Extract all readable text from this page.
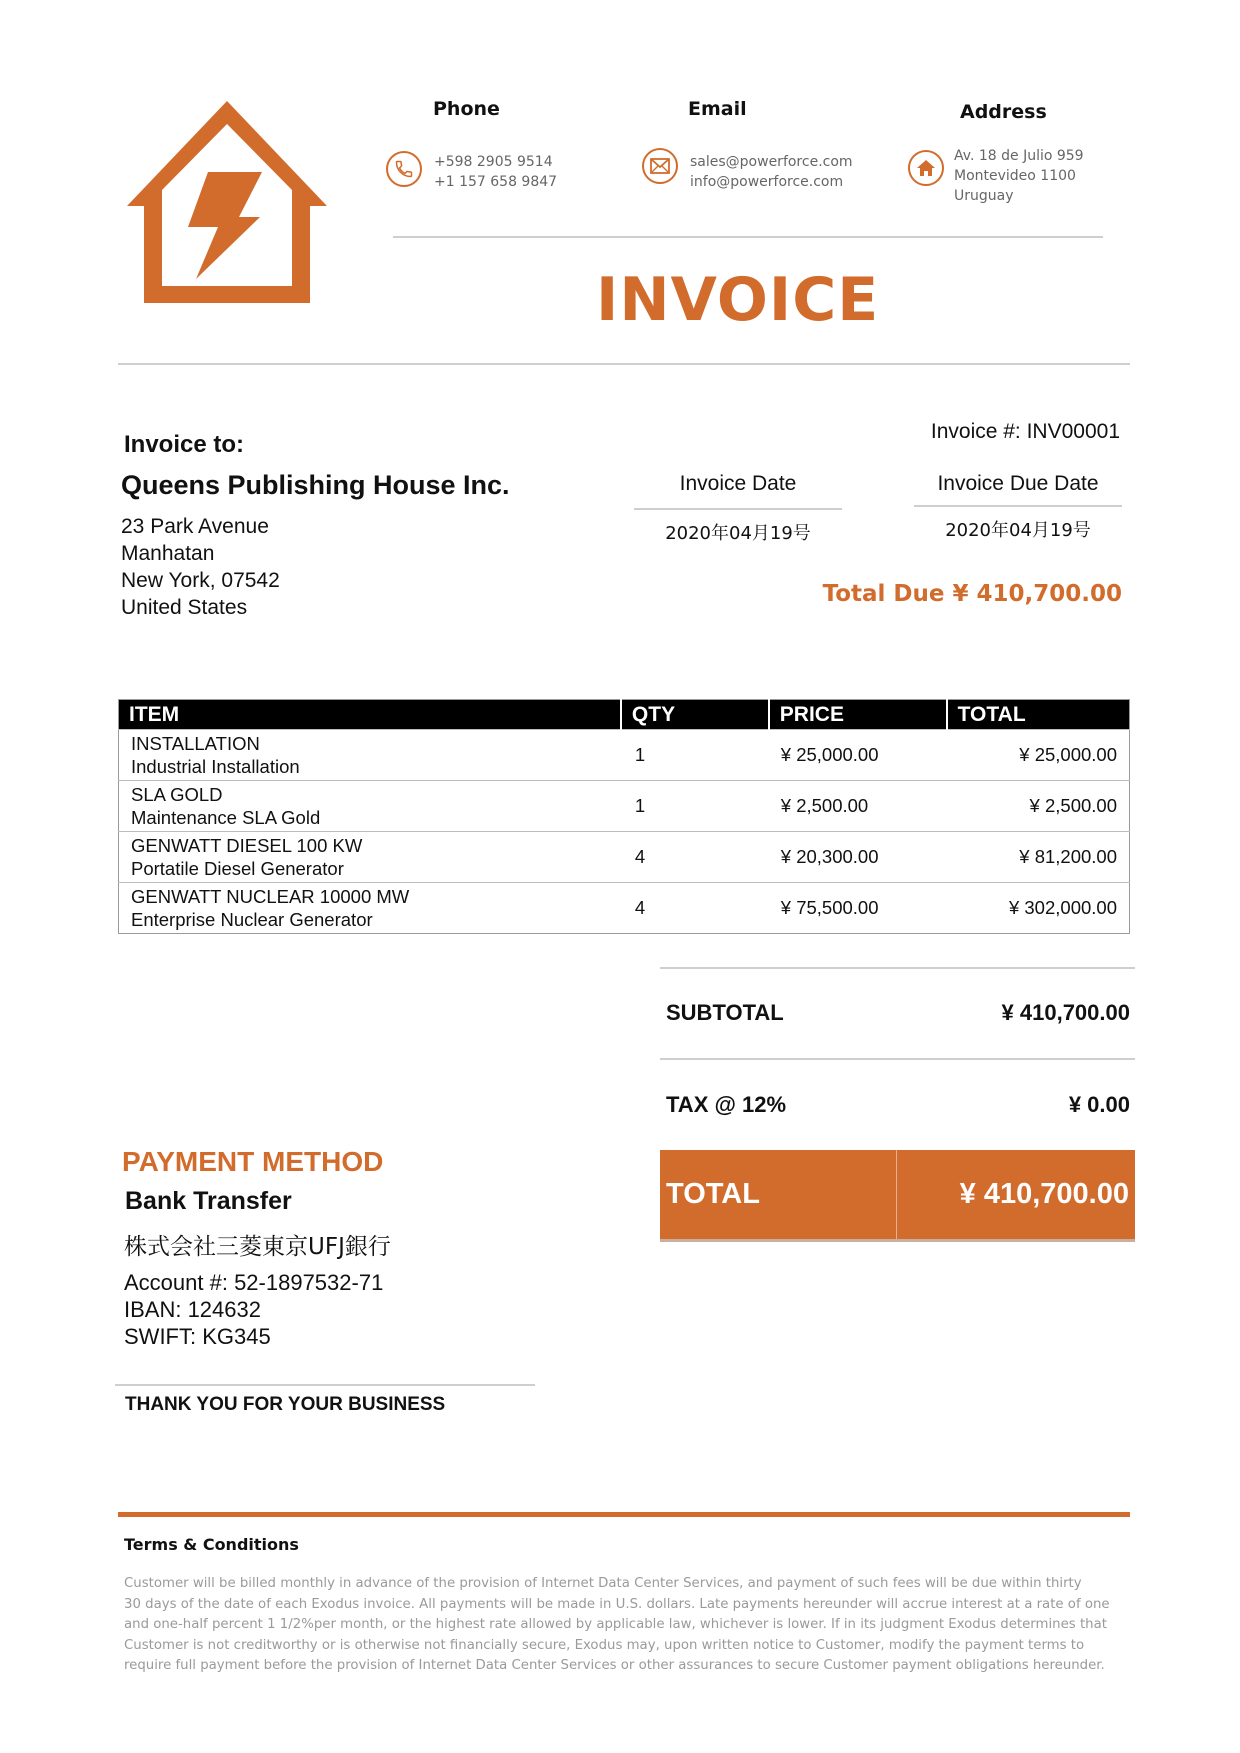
Phone
+598 2905 9514
+1 157 658 9847
Email
sales@powerforce.com
info@powerforce.com
Address
Av. 18 de Julio 959
Montevideo 1100
Uruguay
INVOICE
Invoice to:
Queens Publishing House Inc.
23 Park Avenue
Manhatan
New York, 07542
United States
Invoice #: INV00001
Invoice Date
2020年04月19号
Invoice Due Date
2020年04月19号
Total Due ¥ 410,700.00
ITEM	QTY	PRICE	TOTAL

INSTALLATION
Industrial Installation	1	¥ 25,000.00	¥ 25,000.00

SLA GOLD
Maintenance SLA Gold	1	¥ 2,500.00	¥ 2,500.00

GENWATT DIESEL 100 KW
Portatile Diesel Generator	4	¥ 20,300.00	¥ 81,200.00

GENWATT NUCLEAR 10000 MW
Enterprise Nuclear Generator	4	¥ 75,500.00	¥ 302,000.00
SUBTOTAL	¥ 410,700.00
TAX @ 12%	¥ 0.00
TOTAL	¥ 410,700.00
PAYMENT METHOD
Bank Transfer
株式会社三菱東京UFJ銀行
Account #: 52-1897532-71
IBAN: 124632
SWIFT: KG345
THANK YOU FOR YOUR BUSINESS
Terms & Conditions
Customer will be billed monthly in advance of the provision of Internet Data Center Services, and payment of such fees will be due within thirty
30 days of the date of each Exodus invoice. All payments will be made in U.S. dollars. Late payments hereunder will accrue interest at a rate of one
and one-half percent 1 1/2%per month, or the highest rate allowed by applicable law, whichever is lower. If in its judgment Exodus determines that
Customer is not creditworthy or is otherwise not financially secure, Exodus may, upon written notice to Customer, modify the payment terms to
require full payment before the provision of Internet Data Center Services or other assurances to secure Customer payment obligations hereunder.
